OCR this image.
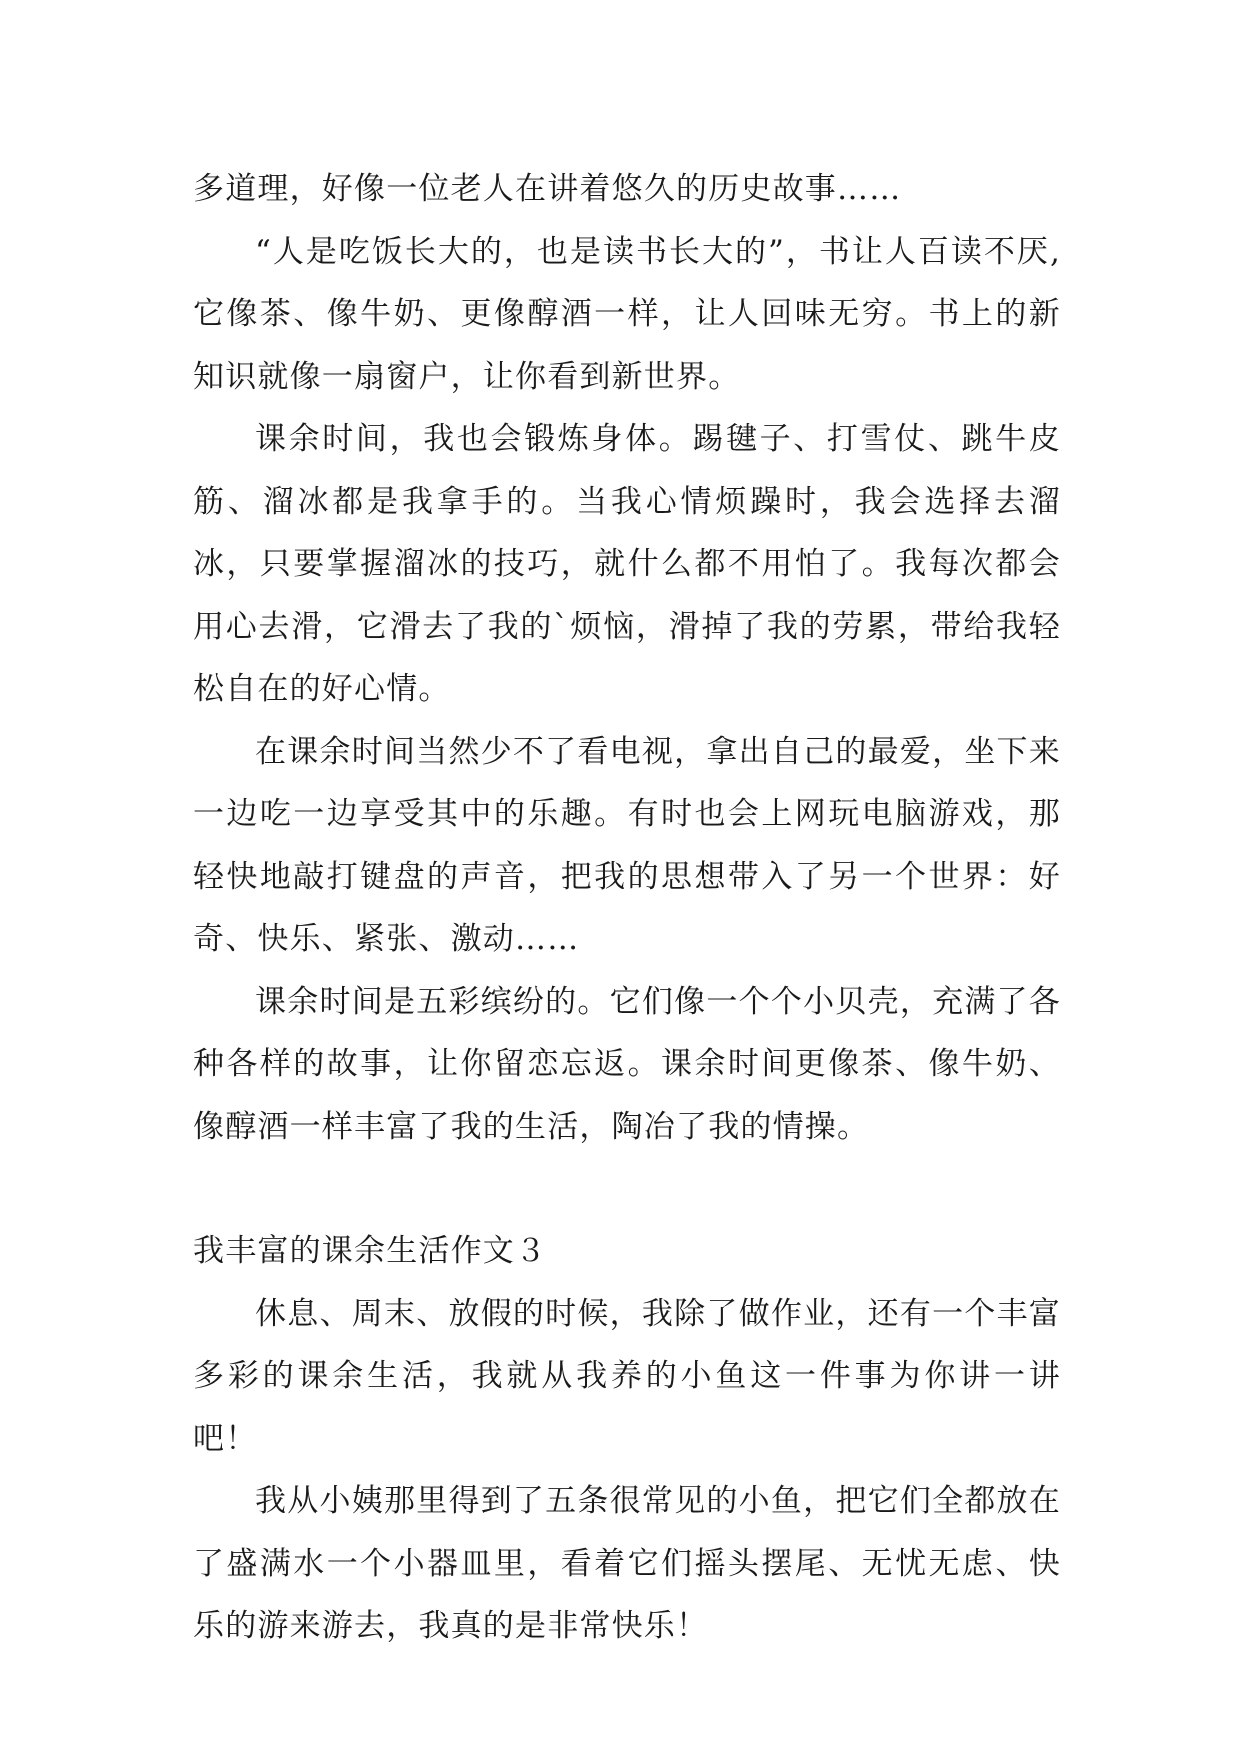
多道理，好像一位老人在讲着悠久的历史故事……

“人是吃饭长大的，也是读书长大的”，书让人百读不厌,它像茶、像牛奶、更像醇酒一样，让人回味无穷。书上的新知识就像一扇窗户，让你看到新世界。

课余时间，我也会锻炼身体。踢毽子、打雪仗、跳牛皮筋、溜冰都是我拿手的。当我心情烦躁时，我会选择去溜冰，只要掌握溜冰的技巧，就什么都不用怕了。我每次都会用心去滑，它滑去了我的`烦恼，滑掉了我的劳累，带给我轻松自在的好心情。

在课余时间当然少不了看电视，拿出自己的最爱，坐下来一边吃一边享受其中的乐趣。有时也会上网玩电脑游戏，那轻快地敲打键盘的声音，把我的思想带入了另一个世界：好奇、快乐、紧张、激动……

课余时间是五彩缤纷的。它们像一个个小贝壳，充满了各种各样的故事，让你留恋忘返。课余时间更像茶、像牛奶、像醇酒一样丰富了我的生活，陶冶了我的情操。

我丰富的课余生活作文３

休息、周末、放假的时候，我除了做作业，还有一个丰富多彩的课余生活，我就从我养的小鱼这一件事为你讲一讲吧！

我从小姨那里得到了五条很常见的小鱼，把它们全都放在了盛满水一个小器皿里，看着它们摇头摆尾、无忧无虑、快乐的游来游去，我真的是非常快乐！
